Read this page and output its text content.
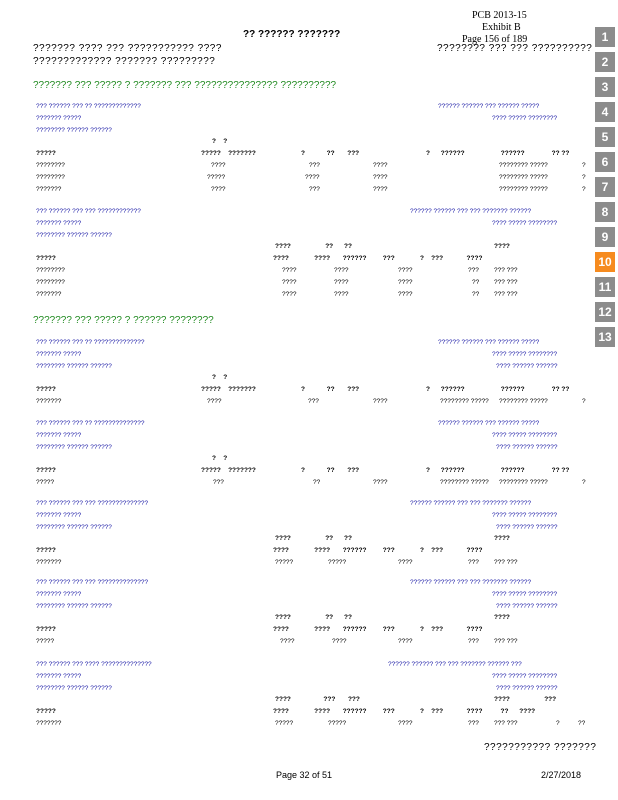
PCB 2013-15
Exhibit B
Page 156 of 189
?? ?????? ???????
??????? ???? ??? ??????????? ????
????????????? ??????? ?????????
???????? ??? ??? ??????????
??????? ??? ????? ? ??????? ??? ??????????????? ??????????
??????? ??? ????? ? ?????? ????????
1
2
3
4
5
6
7
8
9
10
11
12
13
??? ?????? ??? ?? ?????????????
??????? ?????
???????? ?????? ??????
?????? ?????? ??? ?????? ?????
???? ????? ????????
??? ?????? ??? ??? ????????????
??????? ?????
???????? ?????? ??????
?????? ?????? ??? ??? ??????? ??????
???? ????? ????????
??? ?????? ??? ?? ??????????????
??????? ?????
???????? ?????? ??????
?????? ?????? ??? ?????? ?????
???? ????? ????????
???? ?????? ??????
??? ?????? ??? ?? ??????????????
??????? ?????
???????? ?????? ??????
?????? ?????? ??? ?????? ?????
???? ????? ????????
???? ?????? ??????
??? ?????? ??? ??? ??????????????
??????? ?????
???????? ?????? ??????
?????? ?????? ??? ??? ??????? ??????
???? ????? ????????
???? ?????? ??????
??? ?????? ??? ??? ??????????????
??????? ?????
???????? ?????? ??????
?????? ?????? ??? ??? ??????? ??????
???? ????? ????????
???? ?????? ??????
??? ?????? ??? ???? ??????????????
??????? ?????
???????? ?????? ??????
?????? ?????? ??? ??? ??????? ?????? ???
???? ????? ????????
???? ?????? ??????
?    ?
?????	?????    ???????                         ?            ??       ???	?      ??????                    ??????               ?? ??
????????	????	???	????	???????? ?????	?
????????	?????	????	????	???????? ?????	?
???????	????	???	????	???????? ?????	?
????                   ??      ??	????
?????	????              ????       ??????         ???              ?    ???             ????
????????	????	????	????	??? ??? ???
????????	????	????	????	?? ??? ???
???????	????	????	????	?? ??? ???
?    ?
?????	?????    ???????                         ?            ??       ???	?      ??????                    ??????               ?? ??
???????	????	???	????	???????? ????? ???????? ?????	?
?    ?
?????	?????    ???????                         ?            ??       ???	?      ??????                    ??????               ?? ??
?????	???	??	????	???????? ????? ???????? ?????	?
????                   ??      ??	????
?????	????              ????       ??????         ???              ?    ???             ????
???????	?????	?????	????	??? ??? ???
????                   ??      ??	????
?????	????              ????       ??????         ???              ?    ???             ????
?????	????	????	????	??? ??? ???
????                  ???       ???	????                   ???
?????	????              ????       ??????         ???              ?    ???             ????          ??      ????
???????	?????	?????	????	??? ??? ???	?	??
??????????? ???????
Page 32 of 51	2/27/2018
